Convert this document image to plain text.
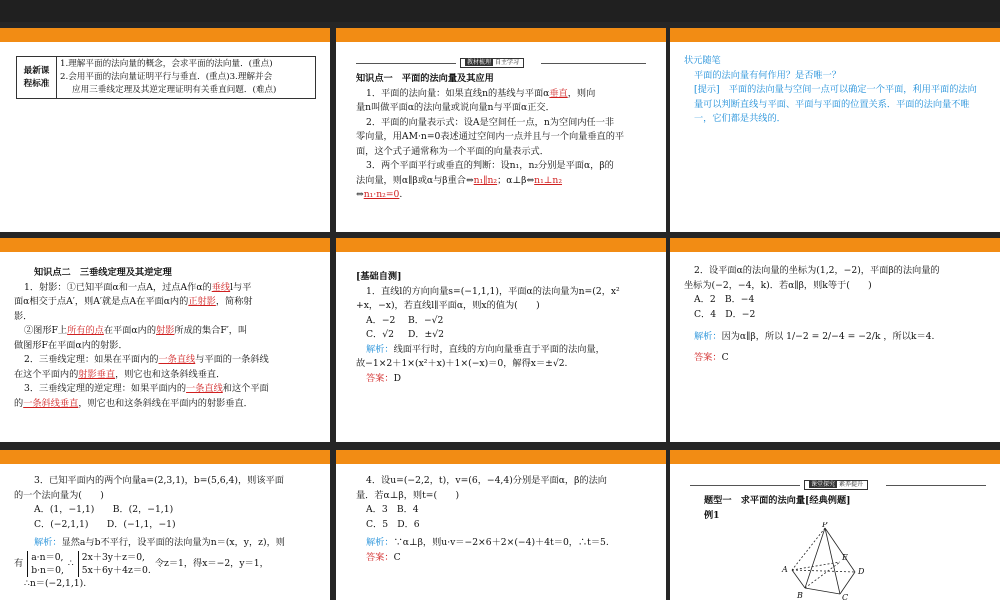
最新课程标准	
1.理解平面的法向量的概念，会求平面的法向量．(重点)
2.会用平面的法向量证明平行与垂直．(重点)3.理解并会
应用三垂线定理及其逆定理证明有关垂直问题．(难点)
教材梳理 自主学习
知识点一　平面的法向量及其应用
1．平面的法向量：如果直线n的基线与平面α垂直，则向
量n叫做平面α的法向量或说向量n与平面α正交．
2．平面的向量表示式：设A是空间任一点，n为空间内任一非
零向量，用AM·n=0表述通过空间内一点并且与一个向量垂直的平
面，这个式子通常称为一个平面的向量表示式．
3．两个平面平行或垂直的判断：设n₁，n₂分别是平面α，β的
法向量，则α∥β或α与β重合⇔n₁∥n₂；α⊥β⇔n₁⊥n₂
⇔n₁·n₂=0.
状元随笔
平面的法向量有何作用？是否唯一？
[提示]　平面的法向量与空间一点可以确定一个平面，利用平面的法向量可以判断直线与平面、平面与平面的位置关系．平面的法向量不唯一，它们都是共线的．
知识点二　三垂线定理及其逆定理
1．射影：①已知平面α和一点A，过点A作α的垂线l与平
面α相交于点A′，则A′就是点A在平面α内的正射影，简称射
影．
②图形F上所有的点在平面α内的射影所成的集合F′，叫
做图形F在平面α内的射影．
2．三垂线定理：如果在平面内的一条直线与平面的一条斜线
在这个平面内的射影垂直，则它也和这条斜线垂直．
3．三垂线定理的逆定理：如果平面内的一条直线和这个平面
的一条斜线垂直，则它也和这条斜线在平面内的射影垂直．
[基础自测]
1．直线l的方向向量s=(−1,1,1)，平面α的法向量为n=(2，x²
+x，−x)，若直线l∥平面α，则x的值为(　　)
A．−2 B．−√2
C．√2 D．±√2
解析：线面平行时，直线的方向向量垂直于平面的法向量，
故−1×2＋1×(x²＋x)＋1×(−x)＝0，解得x＝±√2.
答案：D
2．设平面α的法向量的坐标为(1,2，−2)，平面β的法向量的
坐标为(−2，−4，k)．若α∥β，则k等于(　　)
A．2　B．−4
C．4　D．−2
解析：因为α∥β，所以 1/−2 = 2/−4 = −2/k ，所以k＝4.
答案：C
3．已知平面内的两个向量a=(2,3,1)，b=(5,6,4)，则该平面
的一个法向量为(　　)
A．(1，−1,1)　　B．(2，−1,1)
C．(−2,1,1)　　D．(−1,1，−1)
解析：显然a与b不平行，设平面的法向量为n＝(x，y，z)，则
有
a·n＝0,
b·n＝0,
∴
2x＋3y＋z＝0,
5x＋6y＋4z＝0.
令z＝1，得x＝−2，y＝1，
∴n＝(−2,1,1).
4．设u=(−2,2，t)，v=(6，−4,4)分别是平面α，β的法向
量．若α⊥β，则t=(　　)
A．3　B．4
C．5　D．6
解析：∵α⊥β，则u·v＝−2×6＋2×(−4)＋4t＝0，∴t＝5.
答案：C
课堂探究 素养提升
题型一　求平面的法向量[经典例题]
例1
P
E
A	D
B	C
